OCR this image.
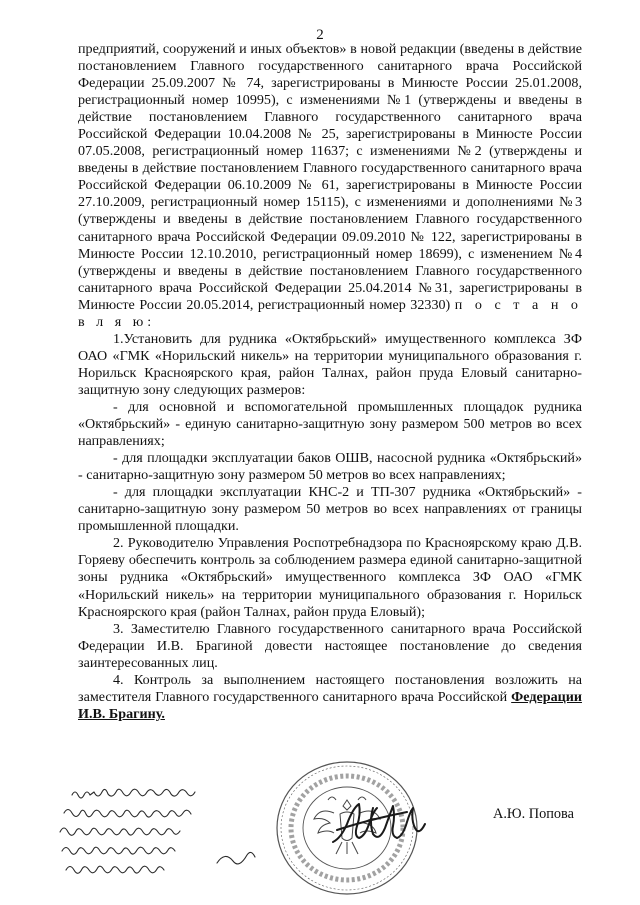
2

предприятий, сооружений и иных объектов» в новой редакции (введены в действие постановлением Главного государственного санитарного врача Российской Федерации 25.09.2007 № 74, зарегистрированы в Минюсте России 25.01.2008, регистрационный номер 10995), с изменениями №1 (утверждены и введены в действие постановлением Главного государственного санитарного врача Российской Федерации 10.04.2008 № 25, зарегистрированы в Минюсте России 07.05.2008, регистрационный номер 11637; с изменениями №2 (утверждены и введены в действие постановлением Главного государственного санитарного врача Российской Федерации 06.10.2009 № 61, зарегистрированы в Минюсте России 27.10.2009, регистрационный номер 15115), с изменениями и дополнениями №3 (утверждены и введены в действие постановлением Главного государственного санитарного врача Российской Федерации 09.09.2010 № 122, зарегистрированы в Минюсте России 12.10.2010, регистрационный номер 18699), с изменением №4 (утверждены и введены в действие постановлением Главного государственного санитарного врача Российской Федерации 25.04.2014 №31, зарегистрированы в Минюсте России 20.05.2014, регистрационный номер 32330) п о с т а н о в л я ю:

1.Установить для рудника «Октябрьский» имущественного комплекса ЗФ ОАО «ГМК «Норильский никель» на территории муниципального образования г. Норильск Красноярского края, район Талнах, район пруда Еловый санитарно-защитную зону следующих размеров:

- для основной и вспомогательной промышленных площадок рудника «Октябрьский» - единую санитарно-защитную зону размером 500 метров во всех направлениях;

- для площадки эксплуатации баков ОШВ, насосной рудника «Октябрьский» - санитарно-защитную зону размером 50 метров во всех направлениях;

- для площадки эксплуатации КНС-2 и ТП-307 рудника «Октябрьский» - санитарно-защитную зону размером 50 метров во всех направлениях от границы промышленной площадки.

2. Руководителю Управления Роспотребнадзора по Красноярскому краю Д.В. Горяеву обеспечить контроль за соблюдением размера единой санитарно-защитной зоны рудника «Октябрьский» имущественного комплекса ЗФ ОАО «ГМК «Норильский никель» на территории муниципального образования г. Норильск Красноярского края (район Талнах, район пруда Еловый);

3. Заместителю Главного государственного санитарного врача Российской Федерации И.В. Брагиной довести настоящее постановление до сведения заинтересованных лиц.

4. Контроль за выполнением настоящего постановления возложить на заместителя Главного государственного санитарного врача Российской Федерации И.В. Брагину.

А.Ю. Попова
